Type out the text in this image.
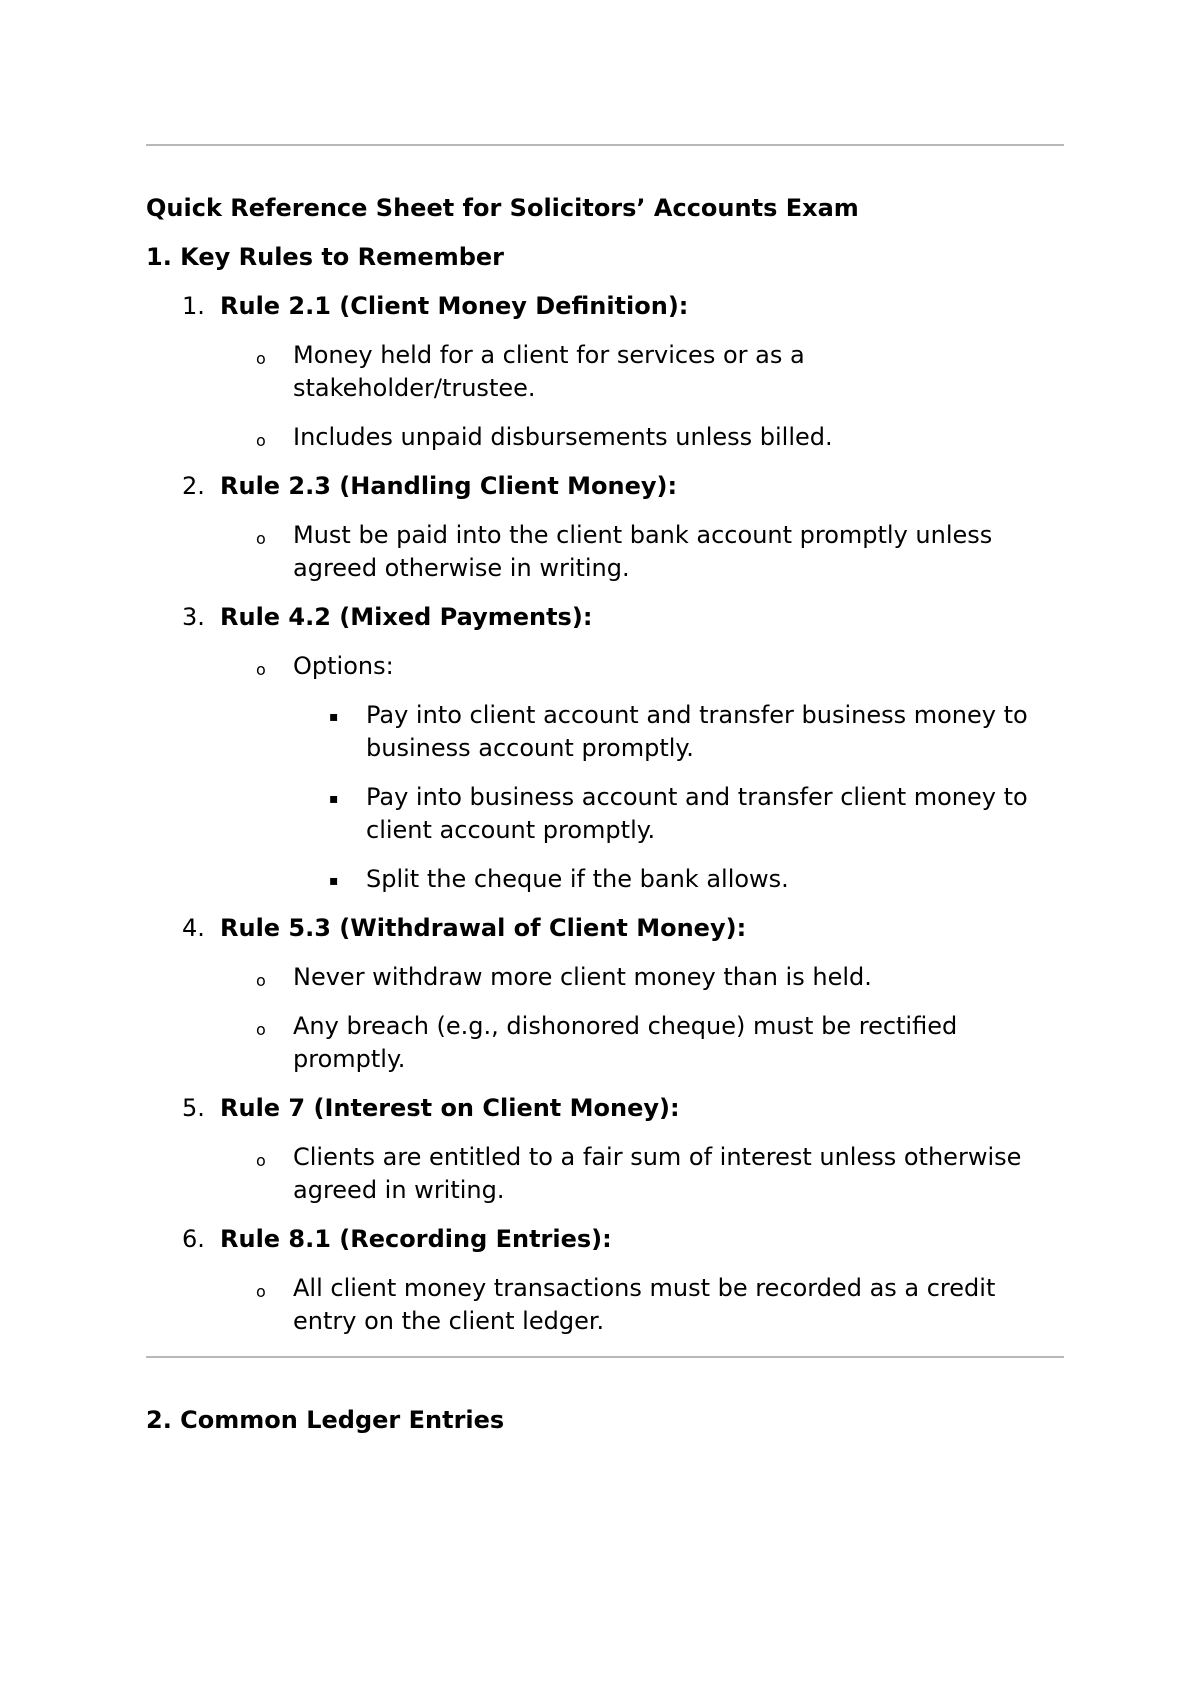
Quick Reference Sheet for Solicitors’ Accounts Exam
1. Key Rules to Remember
1. Rule 2.1 (Client Money Definition):
o Money held for a client for services or as a stakeholder/trustee.
o Includes unpaid disbursements unless billed.
2. Rule 2.3 (Handling Client Money):
o Must be paid into the client bank account promptly unless agreed otherwise in writing.
3. Rule 4.2 (Mixed Payments):
o Options:
▪ Pay into client account and transfer business money to business account promptly.
▪ Pay into business account and transfer client money to client account promptly.
▪ Split the cheque if the bank allows.
4. Rule 5.3 (Withdrawal of Client Money):
o Never withdraw more client money than is held.
o Any breach (e.g., dishonored cheque) must be rectified promptly.
5. Rule 7 (Interest on Client Money):
o Clients are entitled to a fair sum of interest unless otherwise agreed in writing.
6. Rule 8.1 (Recording Entries):
o All client money transactions must be recorded as a credit entry on the client ledger.
2. Common Ledger Entries
